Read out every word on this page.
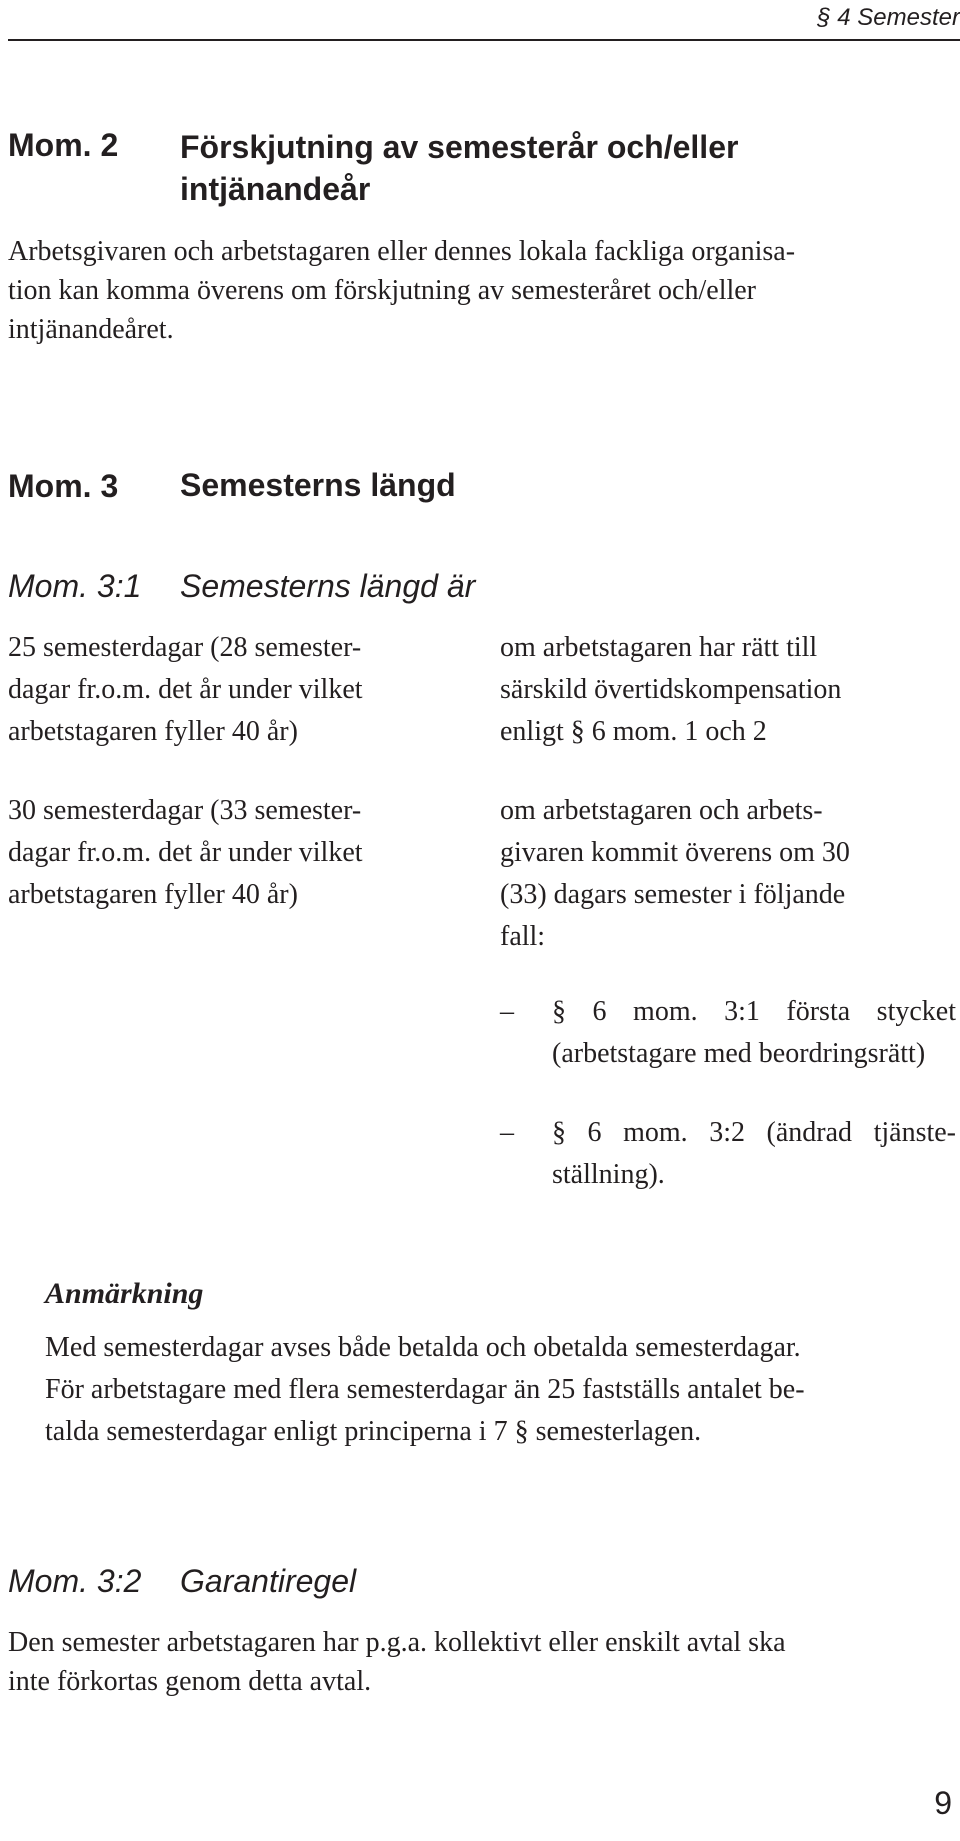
§ 4 Semester
Mom. 2 Förskjutning av semesterår och/eller
intjänandeår
Arbetsgivaren och arbetstagaren eller dennes lokala fackliga organisa-
tion kan komma överens om förskjutning av semesteråret och/eller
intjänandeåret.
Mom. 3 Semesterns längd
Mom. 3:1 Semesterns längd är
25 semesterdagar (28 semester-
dagar fr.o.m. det år under vilket
arbetstagaren fyller 40 år)
om arbetstagaren har rätt till
särskild övertidskompensation
enligt § 6 mom. 1 och 2
30 semesterdagar (33 semester-
dagar fr.o.m. det år under vilket
arbetstagaren fyller 40 år)
om arbetstagaren och arbets-
givaren kommit överens om 30
(33) dagars semester i följande
fall:
–	§ 6 mom. 3:1 första stycket
(arbetstagare med beordringsrätt)
–	§ 6 mom. 3:2 (ändrad tjänste-
ställning).
Anmärkning
Med semesterdagar avses både betalda och obetalda semesterdagar.
För arbetstagare med flera semesterdagar än 25 fastställs antalet be-
talda semesterdagar enligt principerna i 7 § semesterlagen.
Mom. 3:2 Garantiregel
Den semester arbetstagaren har p.g.a. kollektivt eller enskilt avtal ska
inte förkortas genom detta avtal.
9
